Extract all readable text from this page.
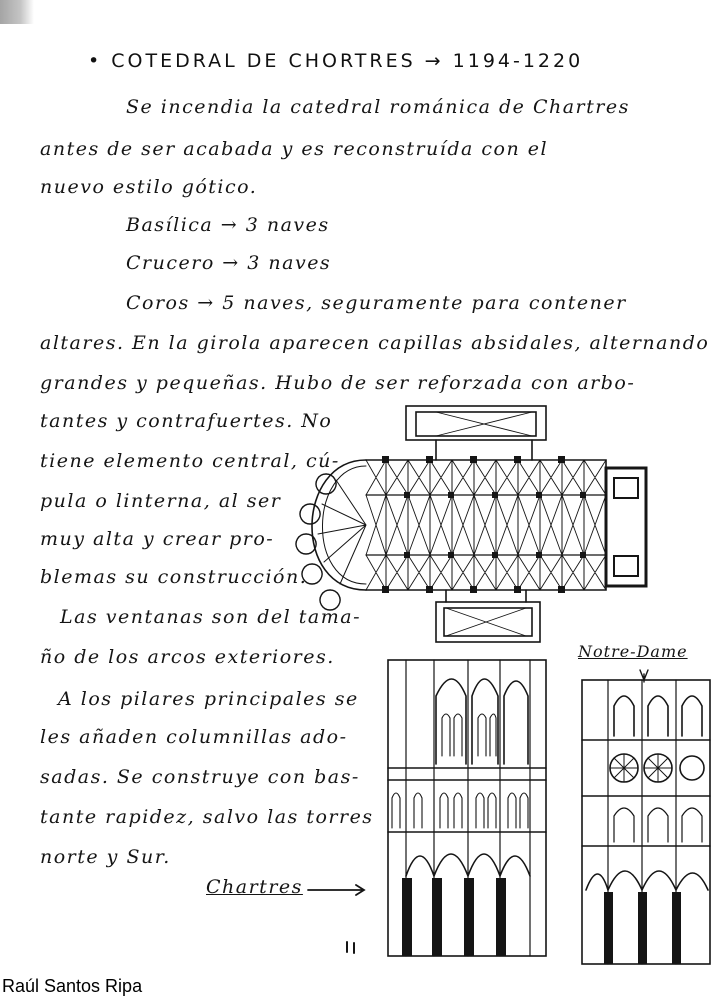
• COTEDRAL DE CHORTRES → 1194-1220
Se incendia la catedral románica de Chartres
antes de ser acabada y es reconstruída con el
nuevo estilo gótico.
Basílica → 3 naves
Crucero → 3 naves
Coros → 5 naves, seguramente para contener
altares. En la girola aparecen capillas absidales, alternando
grandes y pequeñas. Hubo de ser reforzada con arbo-
tantes y contrafuertes. No
tiene elemento central, cú-
pula o linterna, al ser
muy alta y crear pro-
blemas su construcción.
Las ventanas son del tama-
ño de los arcos exteriores.
A los pilares principales se
les añaden columnillas ado-
sadas. Se construye con bas-
tante rapidez, salvo las torres
norte y Sur.
Notre-Dame
Chartres
Raúl Santos Ripa
